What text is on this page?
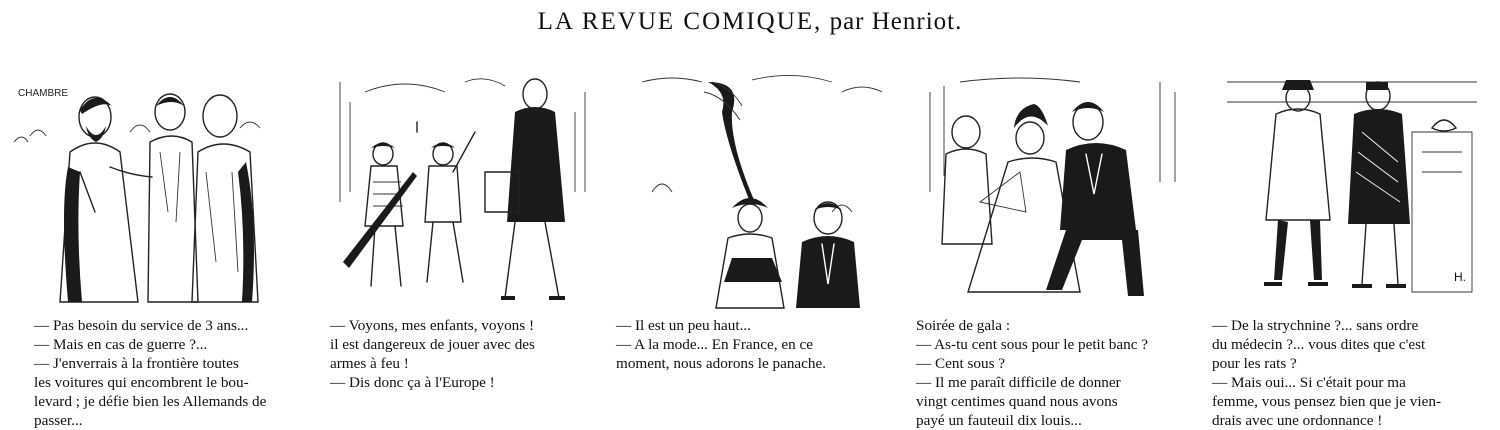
LA REVUE COMIQUE, par Henriot.
CHAMBRE
H.
— Pas besoin du service de 3 ans...
— Mais en cas de guerre ?...
— J'enverrais à la frontière toutes
les voitures qui encombrent le bou-
levard ; je défie bien les Allemands de
passer...
— Voyons, mes enfants, voyons !
il est dangereux de jouer avec des
armes à feu !
— Dis donc ça à l'Europe !
— Il est un peu haut...
— A la mode... En France, en ce
moment, nous adorons le panache.
Soirée de gala :
— As-tu cent sous pour le petit banc ?
— Cent sous ?
— Il me paraît difficile de donner
vingt centimes quand nous avons
payé un fauteuil dix louis...
— De la strychnine ?... sans ordre
du médecin ?... vous dites que c'est
pour les rats ?
— Mais oui... Si c'était pour ma
femme, vous pensez bien que je vien-
drais avec une ordonnance !
